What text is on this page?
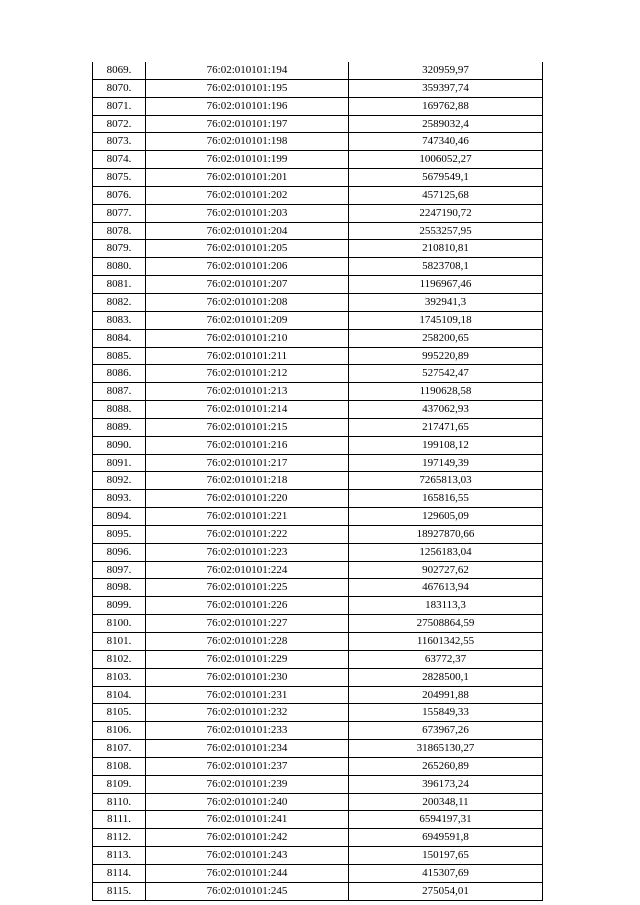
8069.	76:02:010101:194	320959,97
8070.	76:02:010101:195	359397,74
8071.	76:02:010101:196	169762,88
8072.	76:02:010101:197	2589032,4
8073.	76:02:010101:198	747340,46
8074.	76:02:010101:199	1006052,27
8075.	76:02:010101:201	5679549,1
8076.	76:02:010101:202	457125,68
8077.	76:02:010101:203	2247190,72
8078.	76:02:010101:204	2553257,95
8079.	76:02:010101:205	210810,81
8080.	76:02:010101:206	5823708,1
8081.	76:02:010101:207	1196967,46
8082.	76:02:010101:208	392941,3
8083.	76:02:010101:209	1745109,18
8084.	76:02:010101:210	258200,65
8085.	76:02:010101:211	995220,89
8086.	76:02:010101:212	527542,47
8087.	76:02:010101:213	1190628,58
8088.	76:02:010101:214	437062,93
8089.	76:02:010101:215	217471,65
8090.	76:02:010101:216	199108,12
8091.	76:02:010101:217	197149,39
8092.	76:02:010101:218	7265813,03
8093.	76:02:010101:220	165816,55
8094.	76:02:010101:221	129605,09
8095.	76:02:010101:222	18927870,66
8096.	76:02:010101:223	1256183,04
8097.	76:02:010101:224	902727,62
8098.	76:02:010101:225	467613,94
8099.	76:02:010101:226	183113,3
8100.	76:02:010101:227	27508864,59
8101.	76:02:010101:228	11601342,55
8102.	76:02:010101:229	63772,37
8103.	76:02:010101:230	2828500,1
8104.	76:02:010101:231	204991,88
8105.	76:02:010101:232	155849,33
8106.	76:02:010101:233	673967,26
8107.	76:02:010101:234	31865130,27
8108.	76:02:010101:237	265260,89
8109.	76:02:010101:239	396173,24
8110.	76:02:010101:240	200348,11
8111.	76:02:010101:241	6594197,31
8112.	76:02:010101:242	6949591,8
8113.	76:02:010101:243	150197,65
8114.	76:02:010101:244	415307,69
8115.	76:02:010101:245	275054,01
